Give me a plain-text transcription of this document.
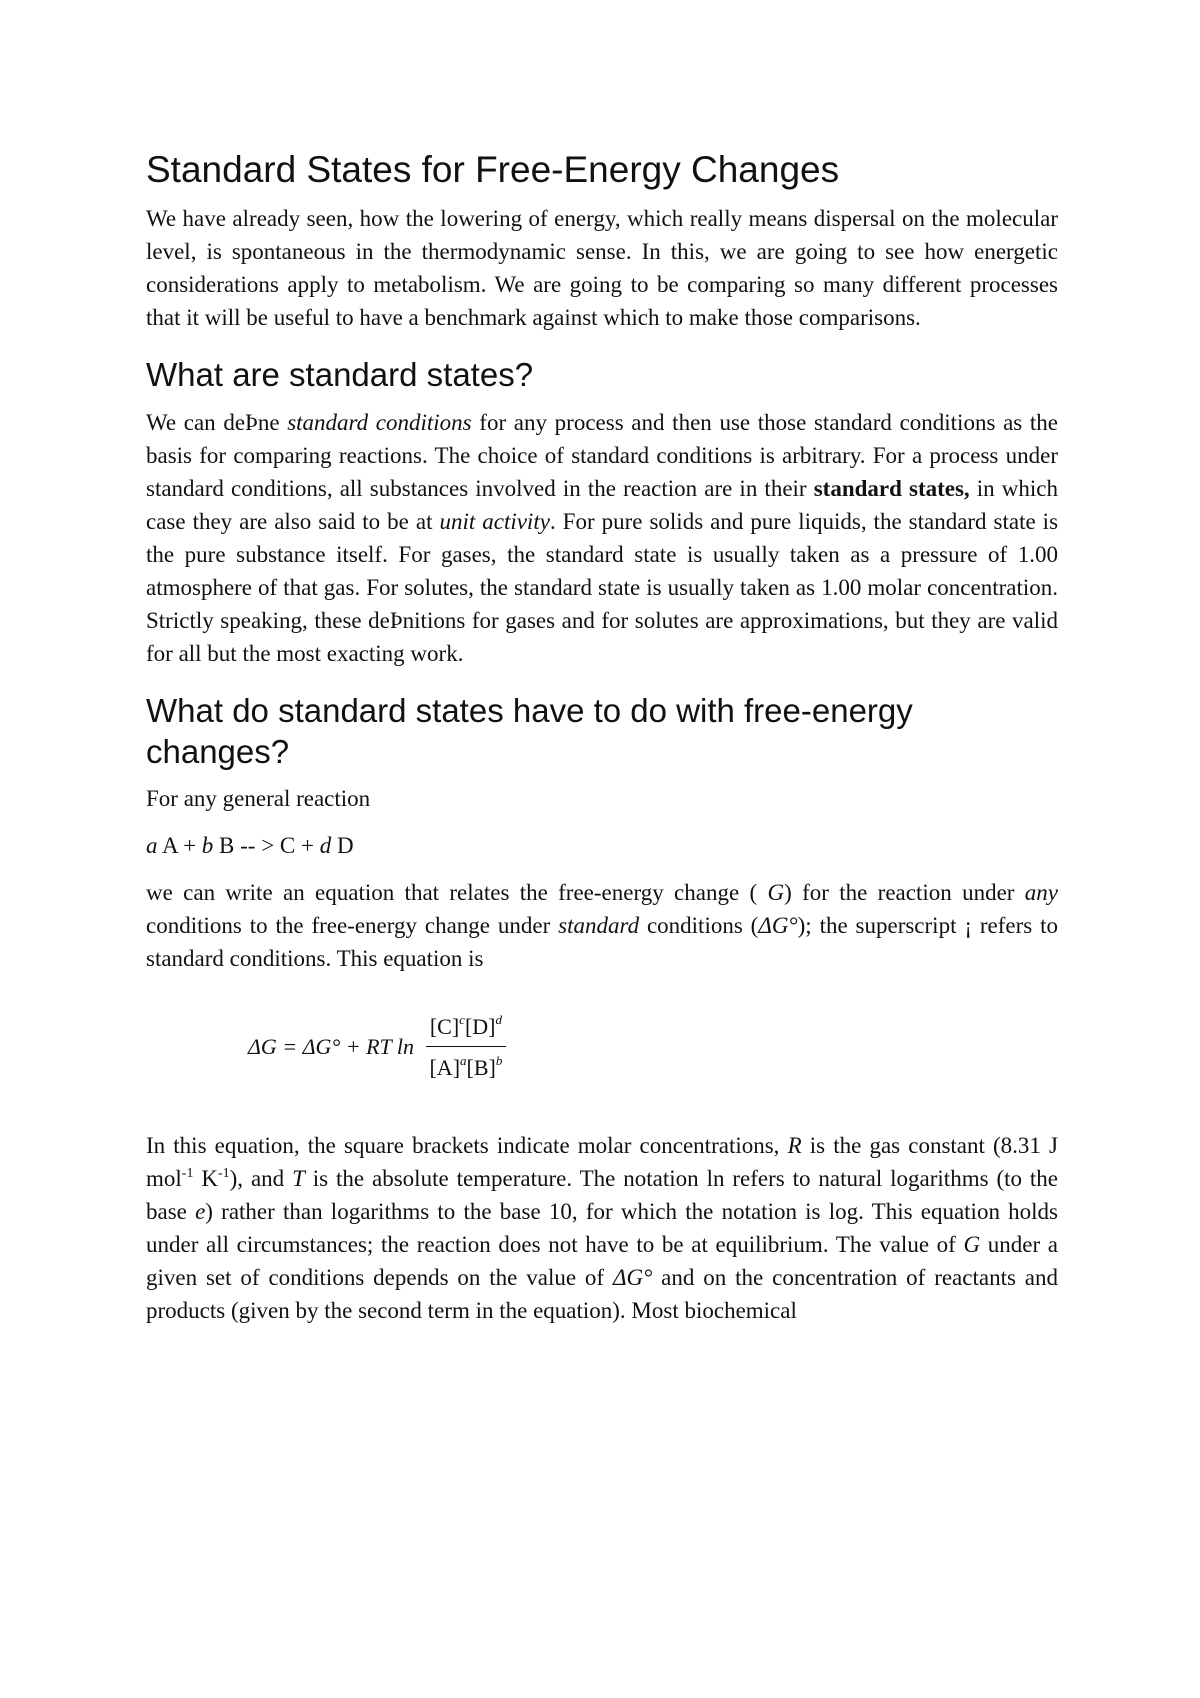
Standard States for Free-Energy Changes

We have already seen, how the lowering of energy, which really means dispersal on the molecular level, is spontaneous in the thermodynamic sense. In this, we are going to see how energetic considerations apply to metabolism. We are going to be comparing so many different processes that it will be useful to have a benchmark against which to make those comparisons.

What are standard states?

We can deÞne standard conditions for any process and then use those standard conditions as the basis for comparing reactions. The choice of standard conditions is arbitrary. For a process under standard conditions, all substances involved in the reaction are in their standard states, in which case they are also said to be at unit activity. For pure solids and pure liquids, the standard state is the pure substance itself. For gases, the standard state is usually taken as a pressure of 1.00 atmosphere of that gas. For solutes, the standard state is usually taken as 1.00 molar concentration. Strictly speaking, these deÞnitions for gases and for solutes are approximations, but they are valid for all but the most exacting work.

What do standard states have to do with free-energy changes?

For any general reaction

a A + b B -- > C + d D

we can write an equation that relates the free-energy change ( G) for the reaction under any conditions to the free-energy change under standard conditions (ΔG°); the superscript ¡ refers to standard conditions. This equation is

ΔG = ΔG° + RT $\ln \frac{[C]^c[D]^d}{[A]^a[B]^b}$

In this equation, the square brackets indicate molar concentrations, R is the gas constant (8.31 J mol$^{-1}$ $K^{-1}$), and T is the absolute temperature. The notation ln refers to natural logarithms (to the base e) rather than logarithms to the base 10, for which the notation is log. This equation holds under all circumstances; the reaction does not have to be at equilibrium. The value of G under a given set of conditions depends on the value of ΔG° and on the concentration of reactants and products (given by the second term in the equation). Most biochemical
